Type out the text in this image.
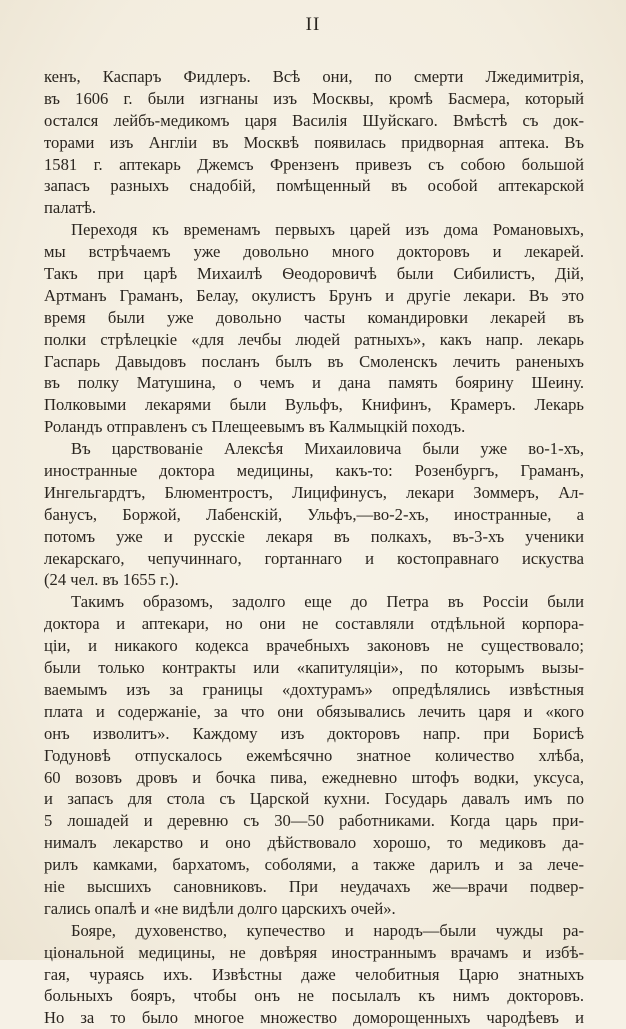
II
кенъ, Каспаръ Фидлеръ. Всѣ они, по смерти Лжедимитрія,
въ 1606 г. были изгнаны изъ Москвы, кромѣ Басмера, который
остался лейбъ-медикомъ царя Василія Шуйскаго. Вмѣстѣ съ док-
торами изъ Англіи въ Москвѣ появилась придворная аптека. Въ
1581 г. аптекарь Джемсъ Френзенъ привезъ съ собою большой
запасъ разныхъ снадобій, помѣщенный въ особой аптекарской
палатѣ.
Переходя къ временамъ первыхъ царей изъ дома Романовыхъ,
мы встрѣчаемъ уже довольно много докторовъ и лекарей.
Такъ при царѣ Михаилѣ Ѳеодоровичѣ были Сибилистъ, Дій,
Артманъ Граманъ, Белау, окулистъ Брунъ и другіе лекари. Въ это
время были уже довольно часты командировки лекарей въ
полки стрѣлецкіе «для лечбы людей ратныхъ», какъ напр. лекарь
Гаспарь Давыдовъ посланъ былъ въ Смоленскъ лечить раненыхъ
въ полку Матушина, о чемъ и дана память боярину Шеину.
Полковыми лекарями были Вульфъ, Книфинъ, Крамеръ. Лекарь
Роландъ отправленъ съ Плещеевымъ въ Калмыцкій походъ.
Въ царствованіе Алексѣя Михаиловича были уже во-1-хъ,
иностранные доктора медицины, какъ-то: Розенбургъ, Граманъ,
Ингельгардтъ, Блюментростъ, Лицифинусъ, лекари Зоммеръ, Ал-
банусъ, Боржой, Лабенскій, Ульфъ,—во-2-хъ, иностранные, а
потомъ уже и русскіе лекаря въ полкахъ, въ-3-хъ ученики
лекарскаго, чепучиннаго, гортаннаго и костоправнаго искуства
(24 чел. въ 1655 г.).
Такимъ образомъ, задолго еще до Петра въ Россіи были
доктора и аптекари, но они не составляли отдѣльной корпора-
ціи, и никакого кодекса врачебныхъ законовъ не существовало;
были только контракты или «капитуляціи», по которымъ вызы-
ваемымъ изъ за границы «дохтурамъ» опредѣлялись извѣстныя
плата и содержаніе, за что они обязывались лечить царя и «кого
онъ изволитъ». Каждому изъ докторовъ напр. при Борисѣ
Годуновѣ отпускалось ежемѣсячно знатное количество хлѣба,
60 возовъ дровъ и бочка пива, ежедневно штофъ водки, уксуса,
и запасъ для стола съ Царской кухни. Государь давалъ имъ по
5 лошадей и деревню съ 30—50 работниками. Когда царь при-
нималъ лекарство и оно дѣйствовало хорошо, то медиковъ да-
рилъ камками, бархатомъ, соболями, а также дарилъ и за лече-
ніе высшихъ сановниковъ. При неудачахъ же—врачи подвер-
гались опалѣ и «не видѣли долго царскихъ очей».
Бояре, духовенство, купечество и народъ—были чужды ра-
ціональной медицины, не довѣряя иностраннымъ врачамъ и избѣ-
гая, чураясь ихъ. Извѣстны даже челобитныя Царю знатныхъ
больныхъ бояръ, чтобы онъ не посылалъ къ нимъ докторовъ.
Но за то было многое множество доморощенныхъ чародѣевъ и
